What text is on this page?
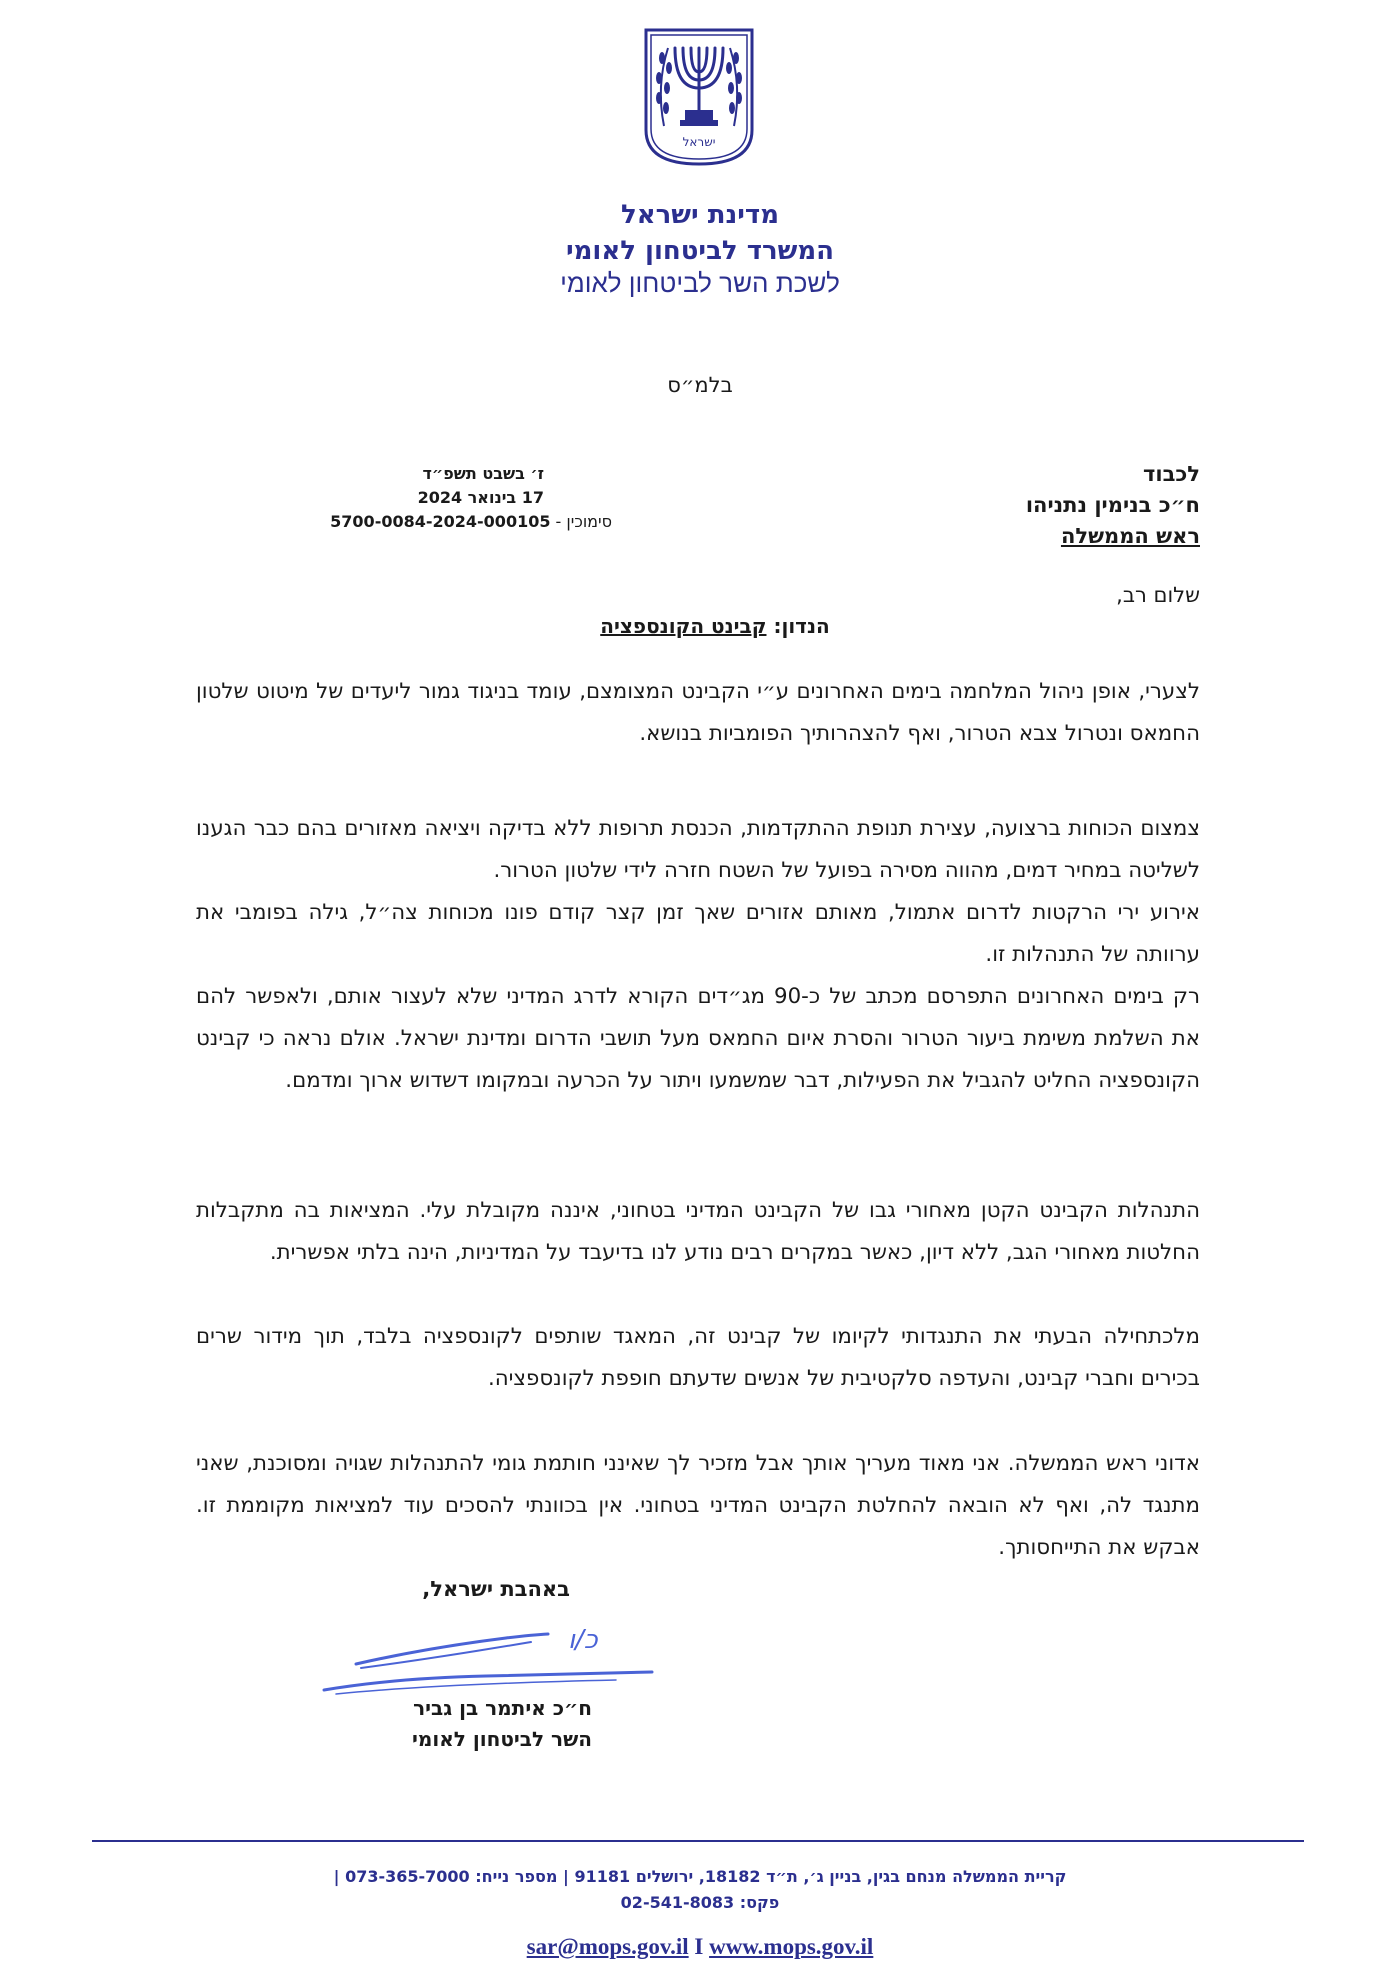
ישראל
מדינת ישראל
המשרד לביטחון לאומי
לשכת השר לביטחון לאומי
בלמ״ס
לכבוד
ח״כ בנימין נתניהו
ראש הממשלה
ז׳ בשבט תשפ״ד
17 בינואר 2024
סימוכין - 5700-0084-2024-000105
שלום רב,
הנדון: קבינט הקונספציה
לצערי, אופן ניהול המלחמה בימים האחרונים ע״י הקבינט המצומצם, עומד בניגוד גמור ליעדים של מיטוט שלטון החמאס ונטרול צבא הטרור, ואף להצהרותיך הפומביות בנושא.
צמצום הכוחות ברצועה, עצירת תנופת ההתקדמות, הכנסת תרופות ללא בדיקה ויציאה מאזורים בהם כבר הגענו לשליטה במחיר דמים, מהווה מסירה בפועל של השטח חזרה לידי שלטון הטרור.
אירוע ירי הרקטות לדרום אתמול, מאותם אזורים שאך זמן קצר קודם פונו מכוחות צה״ל, גילה בפומבי את ערוותה של התנהלות זו.
רק בימים האחרונים התפרסם מכתב של כ-90 מג״דים הקורא לדרג המדיני שלא לעצור אותם, ולאפשר להם את השלמת משימת ביעור הטרור והסרת איום החמאס מעל תושבי הדרום ומדינת ישראל. אולם נראה כי קבינט הקונספציה החליט להגביל את הפעילות, דבר שמשמעו ויתור על הכרעה ובמקומו דשדוש ארוך ומדמם.
התנהלות הקבינט הקטן מאחורי גבו של הקבינט המדיני בטחוני, איננה מקובלת עלי. המציאות בה מתקבלות החלטות מאחורי הגב, ללא דיון, כאשר במקרים רבים נודע לנו בדיעבד על המדיניות, הינה בלתי אפשרית.
מלכתחילה הבעתי את התנגדותי לקיומו של קבינט זה, המאגד שותפים לקונספציה בלבד, תוך מידור שרים בכירים וחברי קבינט, והעדפה סלקטיבית של אנשים שדעתם חופפת לקונספציה.
אדוני ראש הממשלה. אני מאוד מעריך אותך אבל מזכיר לך שאינני חותמת גומי להתנהלות שגויה ומסוכנת, שאני מתנגד לה, ואף לא הובאה להחלטת הקבינט המדיני בטחוני. אין בכוונתי להסכים עוד למציאות מקוממת זו. אבקש את התייחסותך.
באהבת ישראל,
כ/ו
ח״כ איתמר בן גביר
השר לביטחון לאומי
קריית הממשלה מנחם בגין, בניין ג׳, ת״ד 18182, ירושלים 91181 | מספר נייח: 073-365-7000 |
פקס: 02-541-8083
sar@mops.gov.il I www.mops.gov.il
